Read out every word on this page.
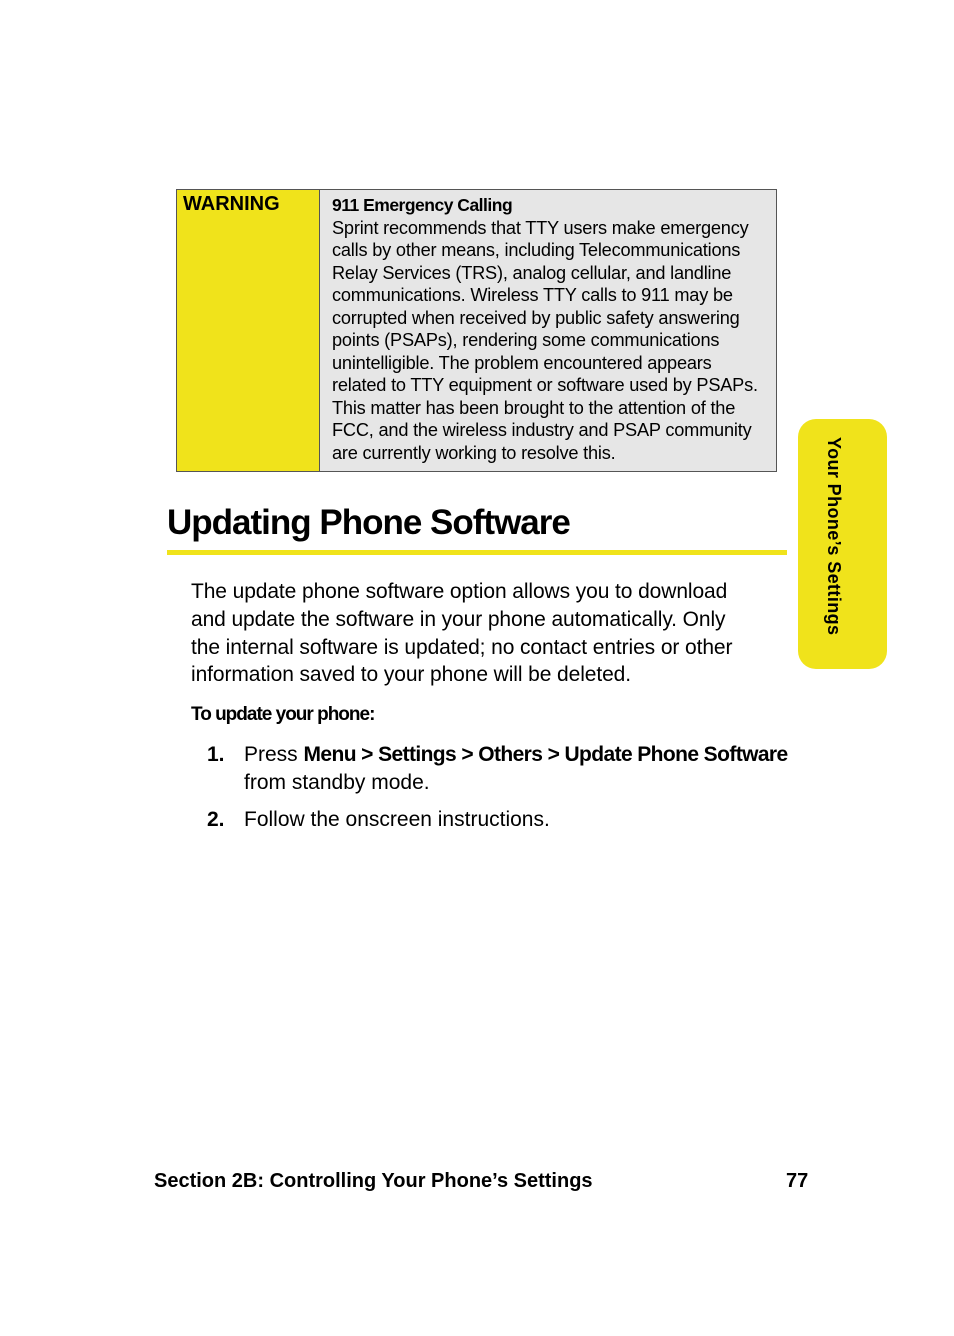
WARNING	911 Emergency Calling
Sprint recommends that TTY users make emergency
calls by other means, including Telecommunications
Relay Services (TRS), analog cellular, and landline
communications. Wireless TTY calls to 911 may be
corrupted when received by public safety answering
points (PSAPs), rendering some communications
unintelligible. The problem encountered appears
related to TTY equipment or software used by PSAPs.
This matter has been brought to the attention of the
FCC, and the wireless industry and PSAP community
are currently working to resolve this.
Updating Phone Software
The update phone software option allows you to download
and update the software in your phone automatically. Only
the internal software is updated; no contact entries or other
information saved to your phone will be deleted.
To update your phone:
1. Press Menu > Settings > Others > Update Phone Software
from standby mode.
2. Follow the onscreen instructions.
Your Phone’s Settings
Section 2B: Controlling Your Phone’s Settings	77
